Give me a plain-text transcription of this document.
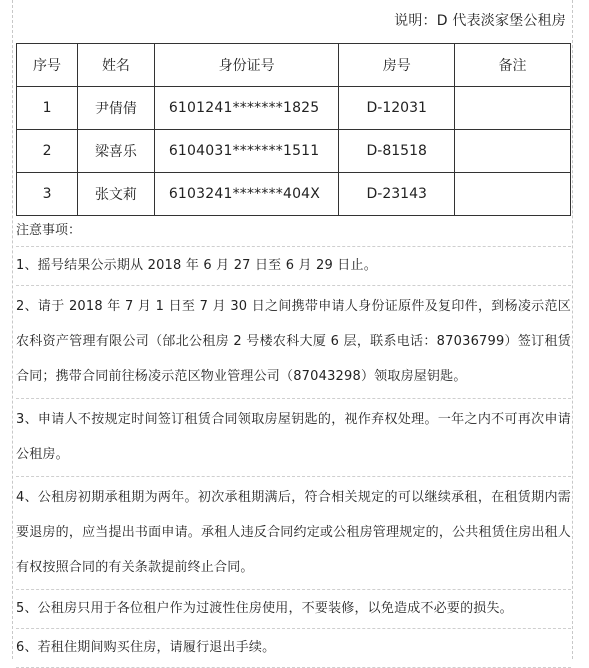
说明：D 代表淡家堡公租房
序号	姓名	身份证号	房号	备注
1	尹倩倩	6101241*******1825	D-12031	
2	梁喜乐	6104031*******1511	D-81518	
3	张文莉	6103241*******404X	D-23143	
注意事项：
1、摇号结果公示期从 2018 年 6 月 27 日至 6 月 29 日止。
2、请于 2018 年 7 月 1 日至 7 月 30 日之间携带申请人身份证原件及复印件，到杨凌示范区农科资产管理有限公司（邰北公租房 2 号楼农科大厦 6 层，联系电话：87036799）签订租赁合同；携带合同前往杨凌示范区物业管理公司（87043298）领取房屋钥匙。
3、申请人不按规定时间签订租赁合同领取房屋钥匙的，视作弃权处理。一年之内不可再次申请公租房。
4、公租房初期承租期为两年。初次承租期满后，符合相关规定的可以继续承租，在租赁期内需要退房的，应当提出书面申请。承租人违反合同约定或公租房管理规定的，公共租赁住房出租人有权按照合同的有关条款提前终止合同。
5、公租房只用于各位租户作为过渡性住房使用，不要装修，以免造成不必要的损失。
6、若租住期间购买住房，请履行退出手续。
